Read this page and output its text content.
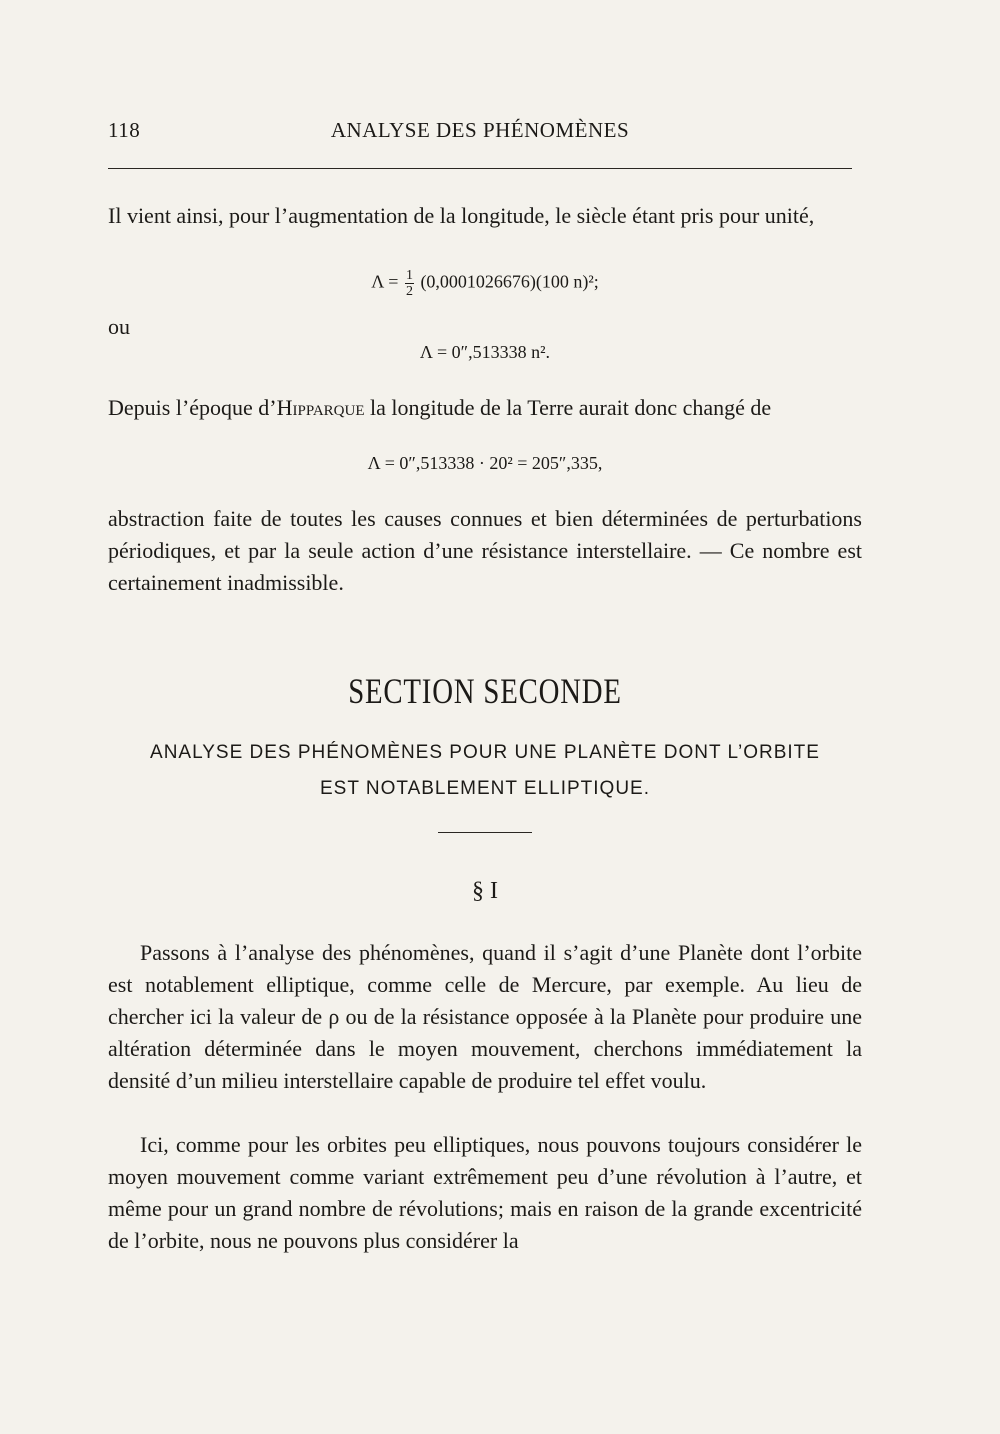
118	ANALYSE DES PHÉNOMÈNES

Il vient ainsi, pour l’augmentation de la longitude, le siècle étant pris pour unité,

$\Lambda = \frac{1}{2} (0,0001026676)(100$ n)²;
ou
Λ = 0″,513338 n².

Depuis l’époque d’Hipparque la longitude de la Terre aurait donc changé de

Λ = 0″,513338 · 20² = 205″,335,

abstraction faite de toutes les causes connues et bien déterminées de perturbations périodiques, et par la seule action d’une résistance interstellaire. — Ce nombre est certainement inadmissible.

SECTION SECONDE
ANALYSE DES PHÉNOMÈNES POUR UNE PLANÈTE DONT L’ORBITE
EST NOTABLEMENT ELLIPTIQUE.
§ I

Passons à l’analyse des phénomènes, quand il s’agit d’une Planète dont l’orbite est notablement elliptique, comme celle de Mercure, par exemple. Au lieu de chercher ici la valeur de ρ ou de la résistance opposée à la Planète pour produire une altération déterminée dans le moyen mouvement, cherchons immédiatement la densité d’un milieu interstellaire capable de produire tel effet voulu.

Ici, comme pour les orbites peu elliptiques, nous pouvons toujours considérer le moyen mouvement comme variant extrêmement peu d’une révolution à l’autre, et même pour un grand nombre de révolutions; mais en raison de la grande excentricité de l’orbite, nous ne pouvons plus considérer la
